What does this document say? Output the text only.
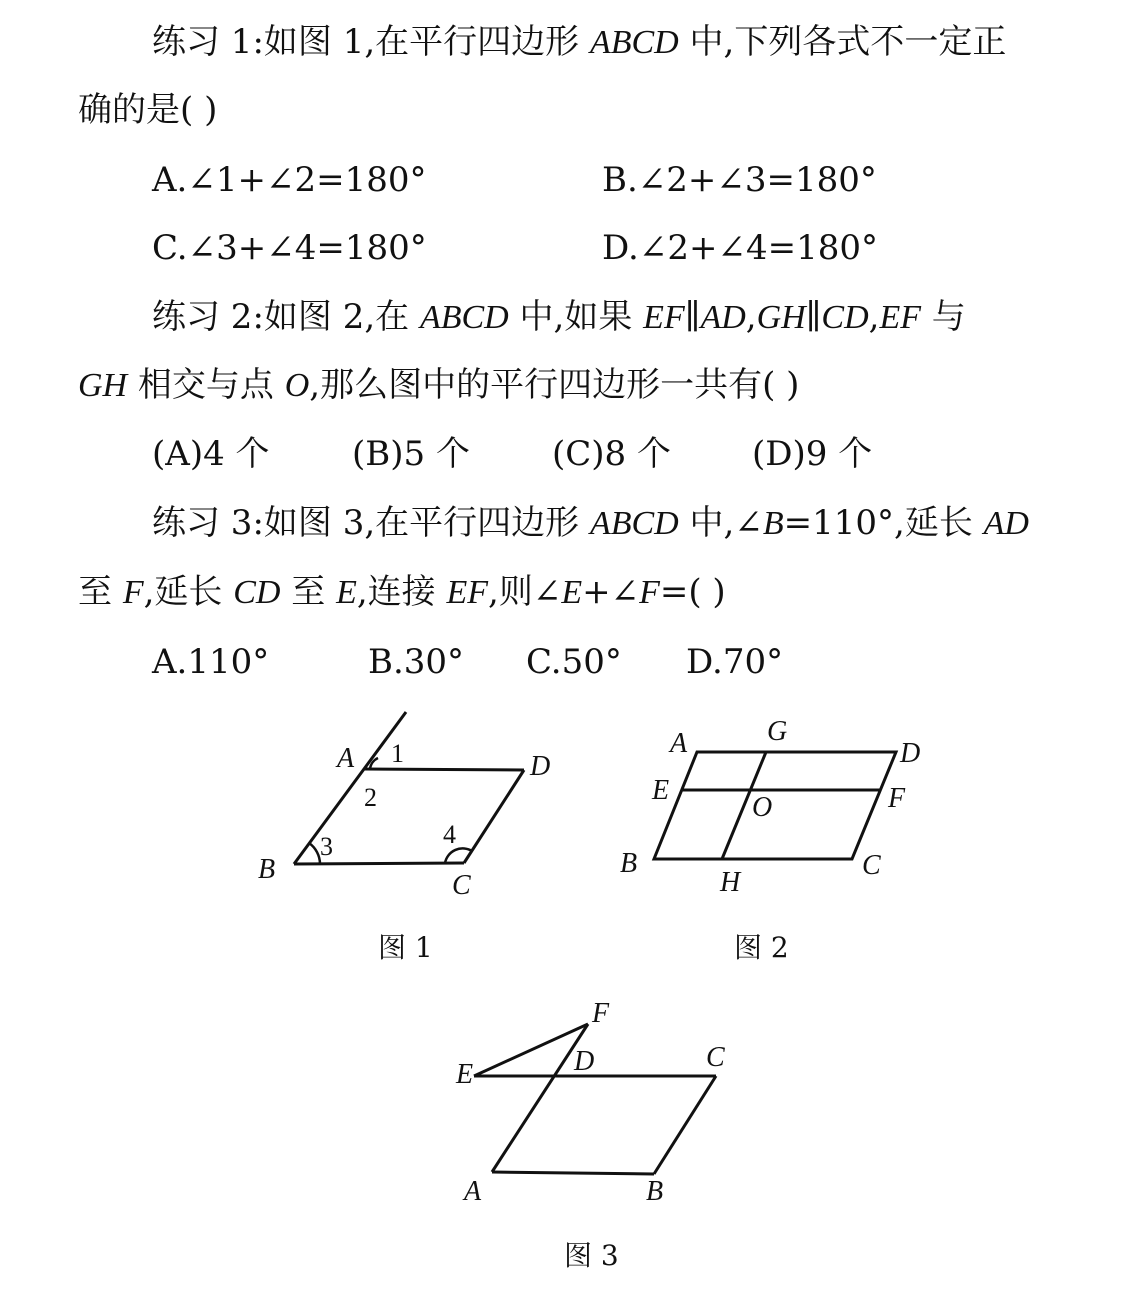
练习 1:如图 1,在平行四边形 ABCD 中,下列各式不一定正
确的是( )
A.∠1+∠2=180°	B.∠2+∠3=180°
C.∠3+∠4=180°	D.∠2+∠4=180°
练习 2:如图 2,在 ABCD 中,如果 EF∥AD,GH∥CD,EF 与
GH 相交与点 O,那么图中的平行四边形一共有( )
(A)4 个 (B)5 个 (C)8 个 (D)9 个
练习 3:如图 3,在平行四边形 ABCD 中,∠B=110°,延长 AD
至 F,延长 CD 至 E,连接 EF,则∠E+∠F=( )
A.110°	B.30° C.50° D.70°
A
B
C
D
1
2
3	4
A	G
D
E
O	F
B
H
C
F
E	D	C
A	B
图 1	图 2
图 3
